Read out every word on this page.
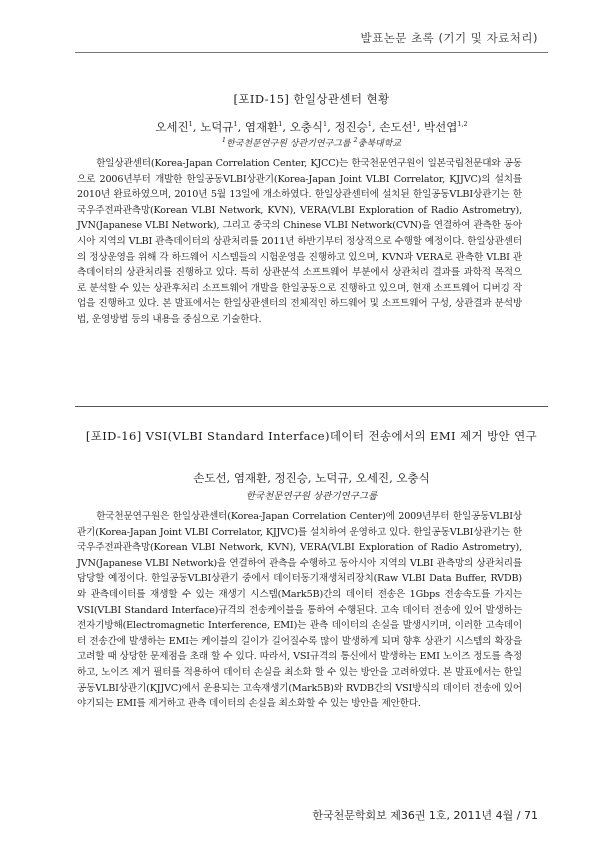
발표논문 초록 (기기 및 자료처리)
[포ID-15] 한일상관센터 현황
오세진$^1$, 노덕규$^1$, 염재환$^1$, 오충식$^1$, 정진승$^1$, 손도선$^1$, 박선엽$^{1,2}$
$^1$한국천문연구원 상관기연구그룹 $^2$충북대학교

한일상관센터(Korea-Japan Correlation Center, KJCC)는 한국천문연구원이 일본국립천문대와 공동으로 2006년부터 개발한 한일공동VLBI상관기(Korea-Japan Joint VLBI Correlator, KJJVC)의 설치를 2010년 완료하였으며, 2010년 5월 13일에 개소하였다. 한일상관센터에 설치된 한일공동VLBI상관기는 한국우주전파관측망(Korean VLBI Network, KVN), VERA(VLBI Exploration of Radio Astrometry), JVN(Japanese VLBI Network), 그리고 중국의 Chinese VLBI Network(CVN)을 연결하여 관측한 동아시아 지역의 VLBI 관측데이터의 상관처리를 2011년 하반기부터 정상적으로 수행할 예정이다. 한일상관센터의 정상운영을 위해 각 하드웨어 시스템들의 시험운영을 진행하고 있으며, KVN과 VERA로 관측한 VLBI 관측데이터의 상관처리를 진행하고 있다. 특히 상관분석 소프트웨어 부분에서 상관처리 결과를 과학적 목적으로 분석할 수 있는 상관후처리 소프트웨어 개발을 한일공동으로 진행하고 있으며, 현재 소프트웨어 디버깅 작업을 진행하고 있다. 본 발표에서는 한일상관센터의 전체적인 하드웨어 및 소프트웨어 구성, 상관결과 분석방법, 운영방법 등의 내용을 중심으로 기술한다.

[포ID-16] VSI(VLBI Standard Interface)데이터 전송에서의 EMI 제거 방안 연구
손도선, 염재환, 정진승, 노덕규, 오세진, 오충식
한국천문연구원 상관기연구그룹

한국천문연구원은 한일상관센터(Korea-Japan Correlation Center)에 2009년부터 한일공동VLBI상관기(Korea-Japan Joint VLBI Correlator, KJJVC)를 설치하여 운영하고 있다. 한일공동VLBI상관기는 한국우주전파관측망(Korean VLBI Network, KVN), VERA(VLBI Exploration of Radio Astrometry), JVN(Japanese VLBI Network)을 연결하여 관측을 수행하고 동아시아 지역의 VLBI 관측망의 상관처리를 담당할 예정이다. 한일공동VLBI상관기 중에서 데이터동기재생처리장치(Raw VLBI Data Buffer, RVDB)와 관측데이터를 재생할 수 있는 재생기 시스템(Mark5B)간의 데이터 전송은 1Gbps 전송속도를 가지는 VSI(VLBI Standard Interface)규격의 전송케이블을 통하여 수행된다. 고속 데이터 전송에 있어 발생하는 전자기방해(Electromagnetic Interference, EMI)는 관측 데이터의 손실을 발생시키며, 이러한 고속데이터 전송간에 발생하는 EMI는 케이블의 길이가 길어질수록 많이 발생하게 되며 향후 상관기 시스템의 확장을 고려할 때 상당한 문제점을 초래 할 수 있다. 따라서, VSI규격의 통신에서 발생하는 EMI 노이즈 정도를 측정하고, 노이즈 제거 필터를 적용하여 데이터 손실을 최소화 할 수 있는 방안을 고려하였다. 본 발표에서는 한일공동VLBI상관기(KJJVC)에서 운용되는 고속재생기(Mark5B)와 RVDB간의 VSI방식의 데이터 전송에 있어 야기되는 EMI를 제거하고 관측 데이터의 손실을 최소화할 수 있는 방안을 제안한다.

한국천문학회보 제36권 1호, 2011년 4월 / 71
